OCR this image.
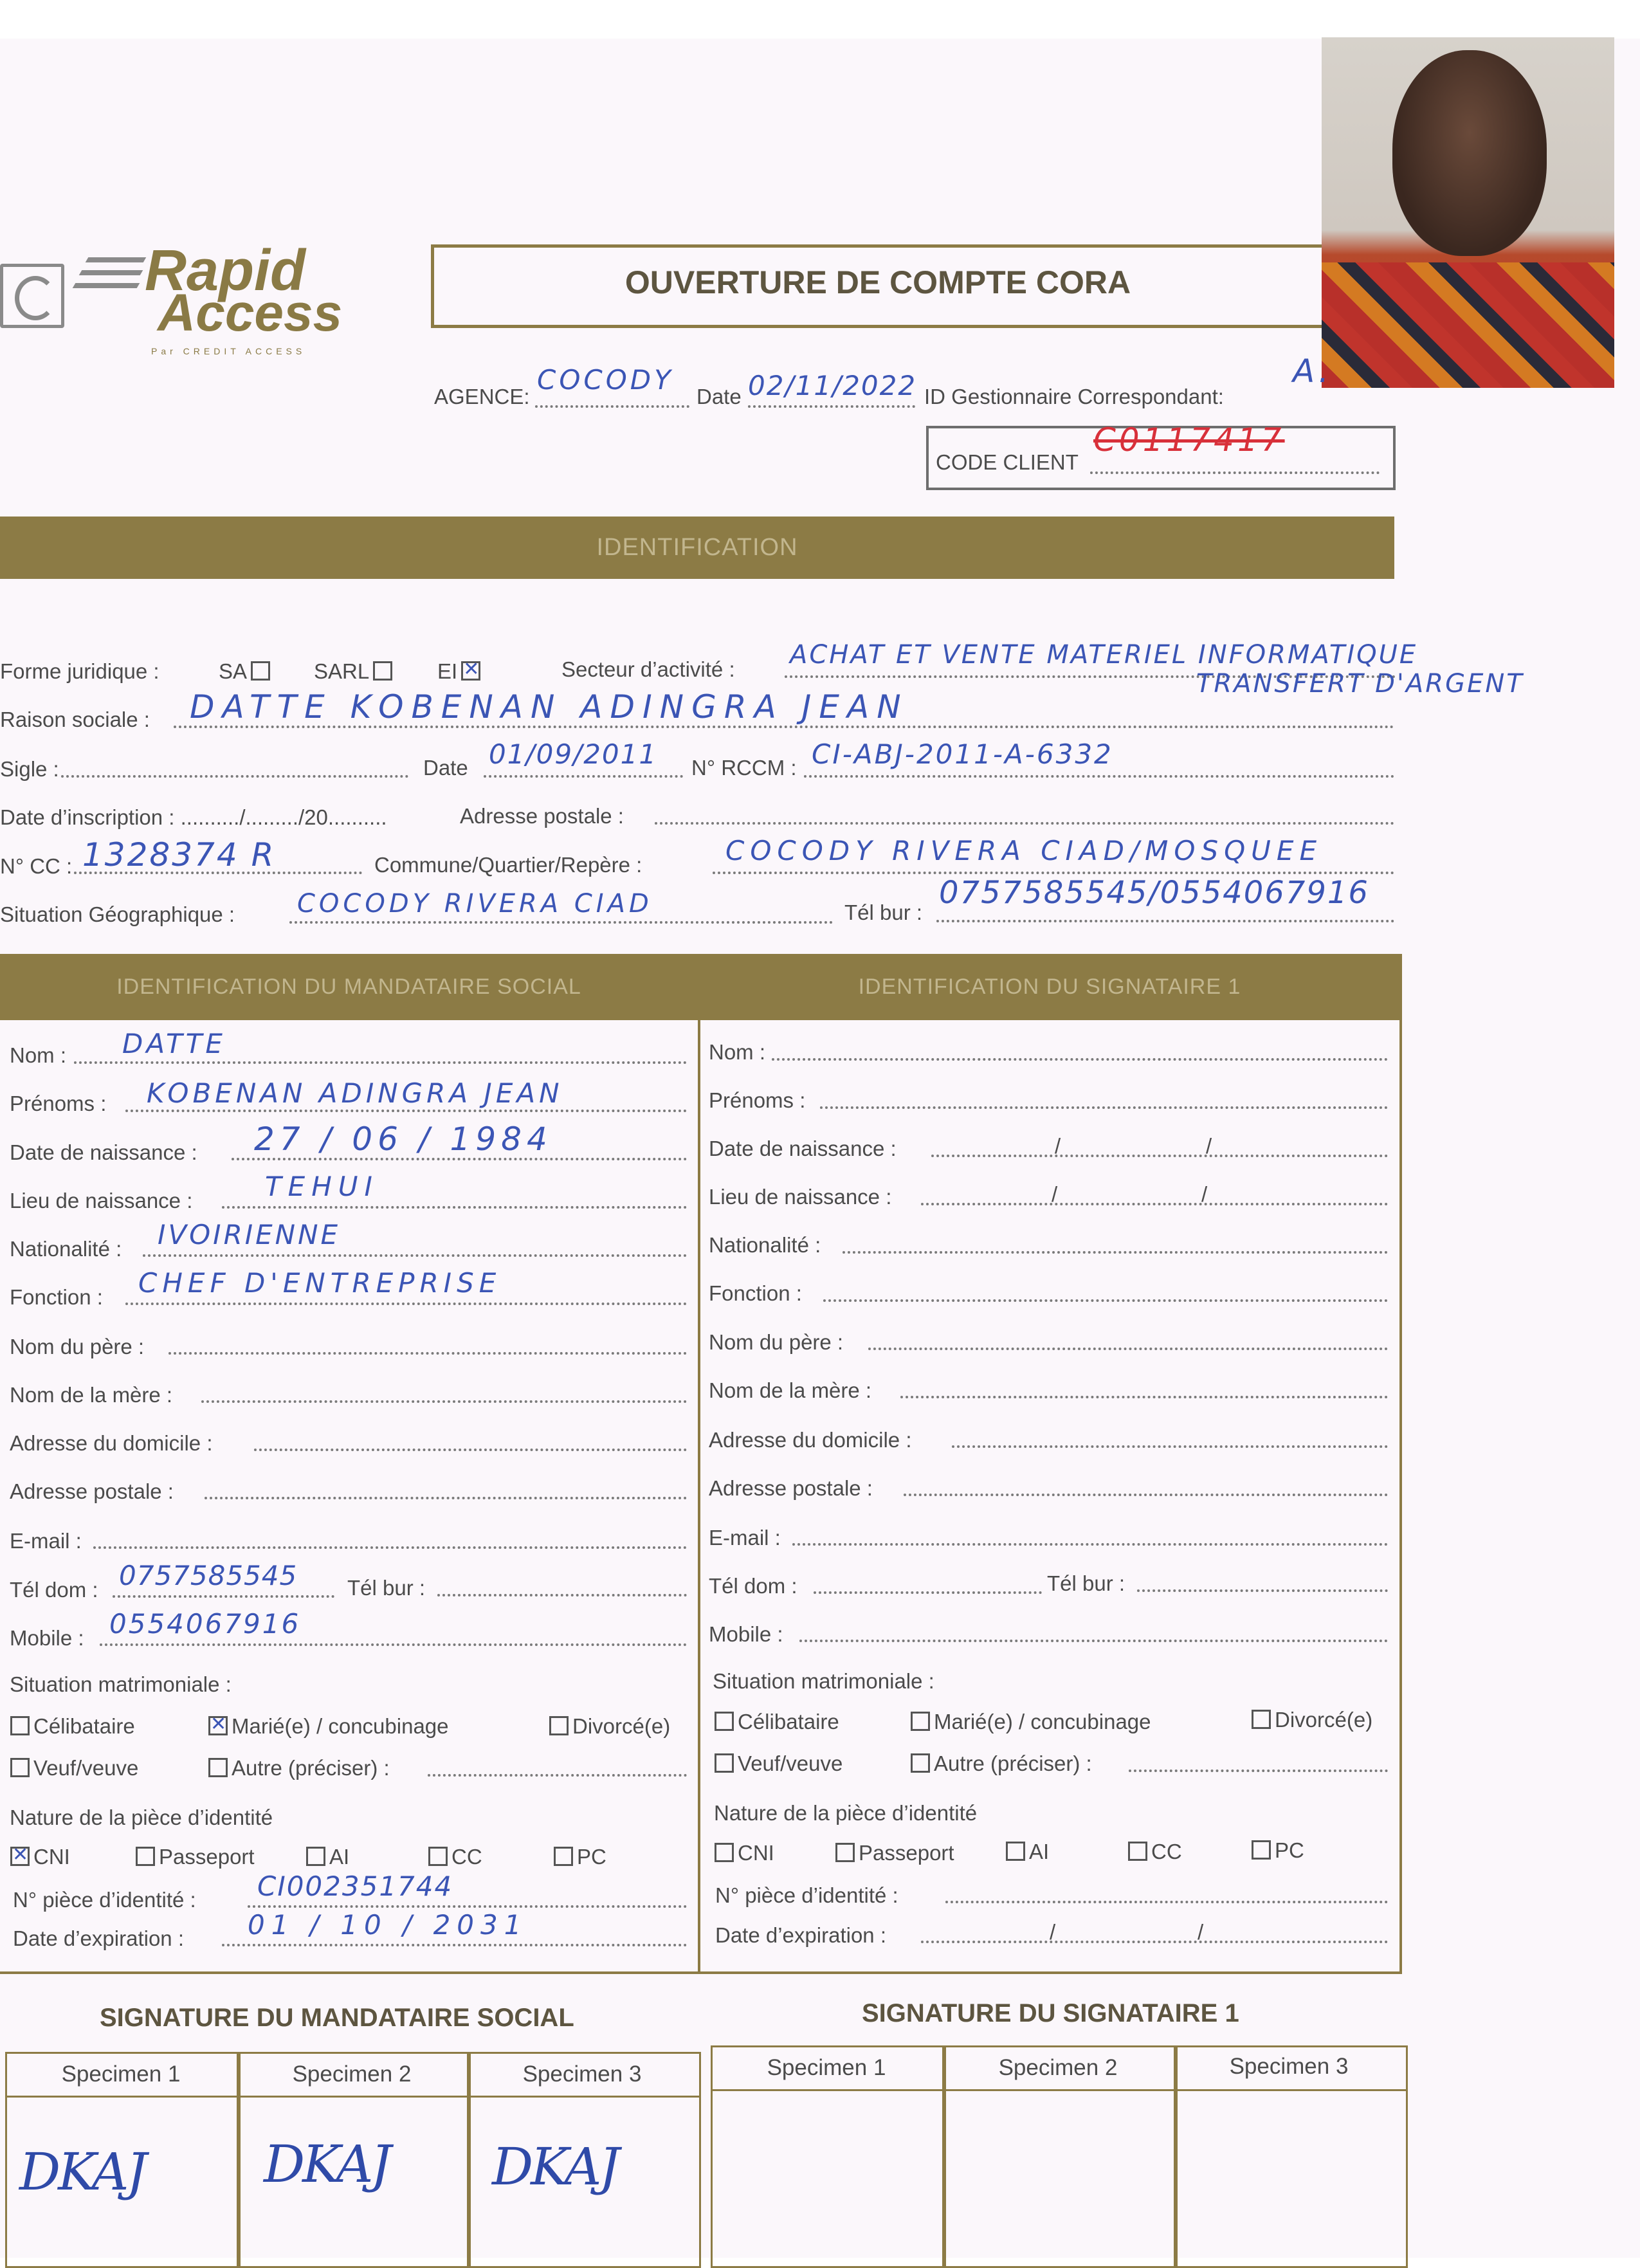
Rapid
Access
Par CREDIT ACCESS
OUVERTURE DE COMPTE CORA
AGENCE:
COCODY
Date 02/11/2022 ID Gestionnaire Correspondant:
A.
CODE CLIENT
C0117417
IDENTIFICATION
Forme juridique :	SA	SARL	EI ✕	Secteur d’activité : ACHAT ET VENTE MATERIEL INFORMATIQUE
TRANSFERT D'ARGENT
Raison sociale : DATTE KOBENAN ADINGRA JEAN
Sigle :	Date 01/09/2011 N° RCCM : CI-ABJ-2011-A-6332
Date d’inscription : ........../........./20..........	Adresse postale :
N° CC : 1328374 R	Commune/Quartier/Repère :	COCODY RIVERA CIAD/MOSQUEE
Situation Géographique : COCODY RIVERA CIAD	Tél bur :
0757585545/0554067916
IDENTIFICATION DU MANDATAIRE SOCIAL	IDENTIFICATION DU SIGNATAIRE 1
Nom : DATTE
Prénoms : KOBENAN ADINGRA JEAN
Date de naissance : 27 / 06 / 1984
Lieu de naissance :	TEHUI
Nationalité : IVOIRIENNE
Fonction : CHEF D'ENTREPRISE
Nom du père :
Nom de la mère :
Adresse du domicile :
Adresse postale :
E-mail :
Tél dom : 0757585545 Tél bur :
Mobile : 0554067916
Situation matrimoniale :
Célibataire ✕	Marié(e) / concubinage	Divorcé(e)
Veuf/veuve	Autre (préciser) :
Nature de la pièce d’identité
✕CNI	Passeport	AI	CC	PC
N° pièce d’identité : CI002351744
Date d’expiration : 01 / 10 / 2031
Nom :
Prénoms :
Date de naissance :	/	/
Lieu de naissance :	/	/
Nationalité :
Fonction :
Nom du père :
Nom de la mère :
Adresse du domicile :
Adresse postale :
E-mail :
Tél dom :	Tél bur :
Mobile :
Situation matrimoniale :
Célibataire	Marié(e) / concubinage	Divorcé(e)
Veuf/veuve	Autre (préciser) :
Nature de la pièce d’identité
CNI	Passeport	AI	CC	PC
N° pièce d’identité :
Date d’expiration :	/	/
SIGNATURE DU MANDATAIRE SOCIAL	SIGNATURE DU SIGNATAIRE 1
Specimen 1	Specimen 2	Specimen 3
DKAJ DKAJ DKAJ
Specimen 1	Specimen 2	Specimen 3
